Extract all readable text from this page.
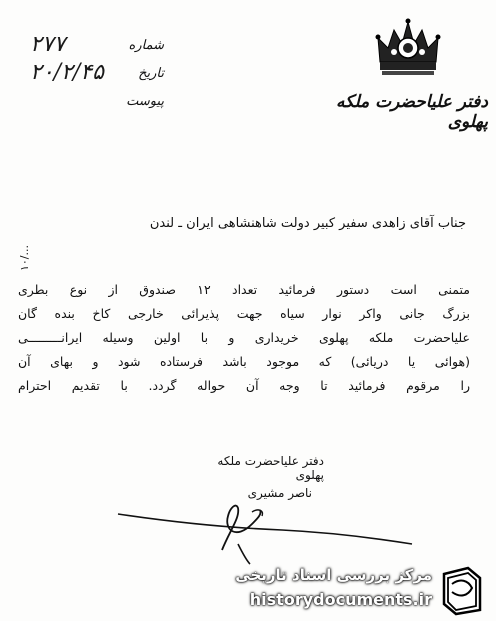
دفتر علیاحضرت ملکه پهلوی
شماره
۲۷۷
تاریخ
۲۰/۲/۴۵
پیوست
۱۰/...
جناب آقای زاهدی سفیر کبیر دولت شاهنشاهی ایران ـ لندن
متمنی است دستور فرمائید تعداد ۱۲ صندوق از نوع بطری
بزرگ جانی واکر نوار سیاه جهت پذیرائی خارجی کاخ بنده گان
علیاحضرت ملکه پهلوی خریداری و با اولین وسیله ایرانـــــــــی
(هوائی یا دریائی) که موجود باشد فرستاده شود و بهای آن
را مرقوم فرمائید تا وجه آن حواله گردد. با تقدیم احترام
دفتر علیاحضرت ملکه پهلوی
ناصر مشیری
مرکز بررسی اسناد تاریخی
historydocuments.ir
